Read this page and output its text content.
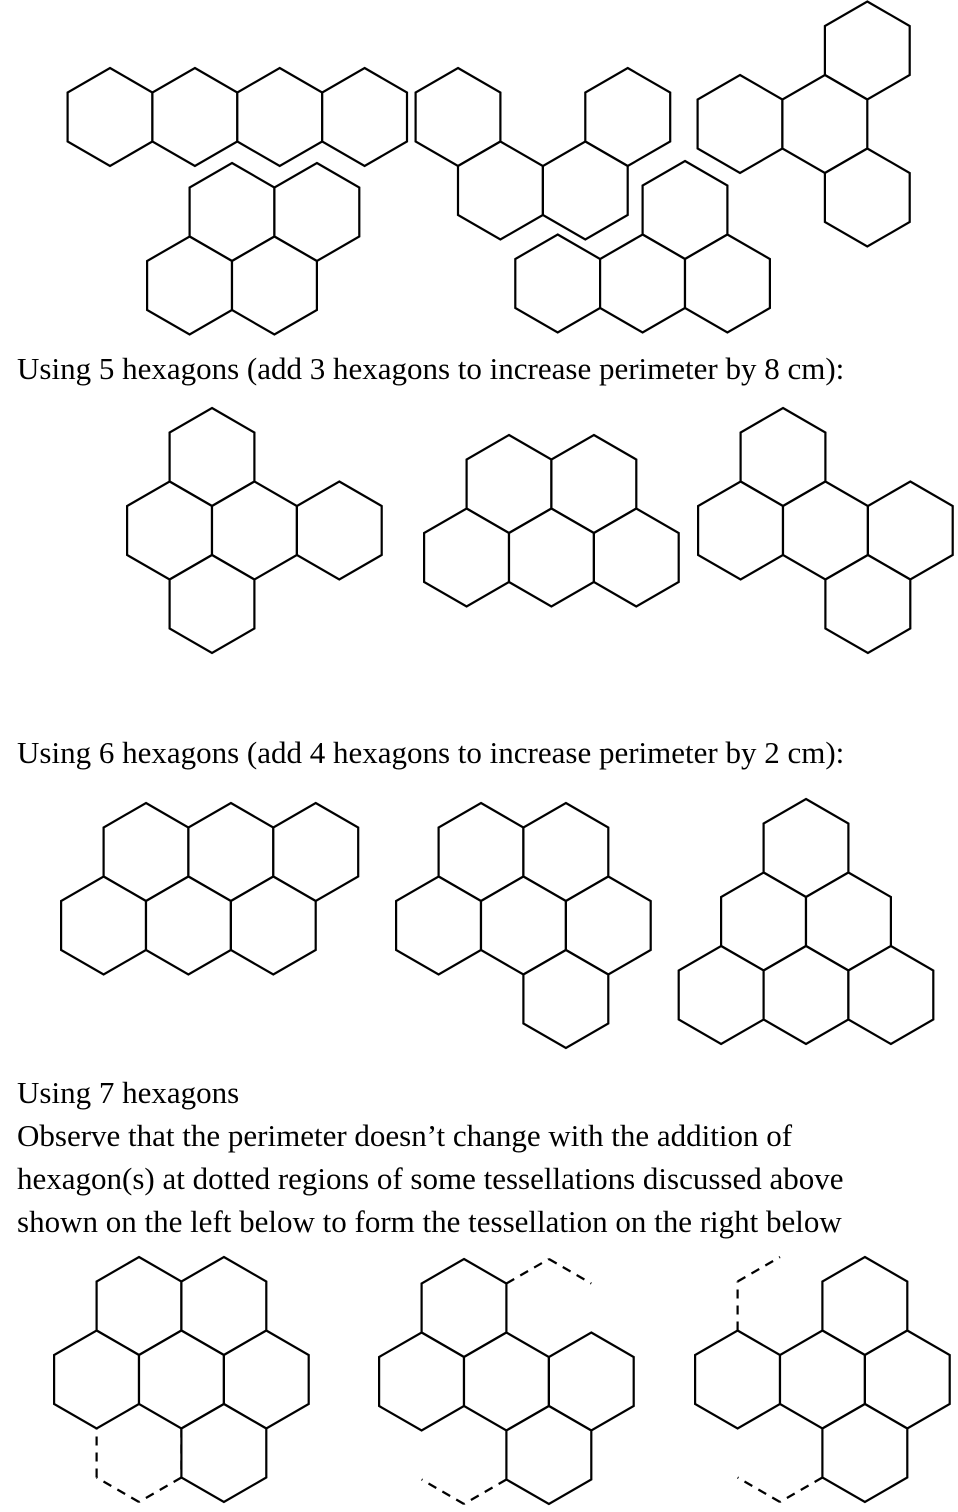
Using 5 hexagons (add 3 hexagons to increase perimeter by 8 cm):

Using 6 hexagons (add 4 hexagons to increase perimeter by 2 cm):

Using 7 hexagons

Observe that the perimeter doesn’t change with the addition of

hexagon(s) at dotted regions of some tessellations discussed above

shown on the left below to form the tessellation on the right below
